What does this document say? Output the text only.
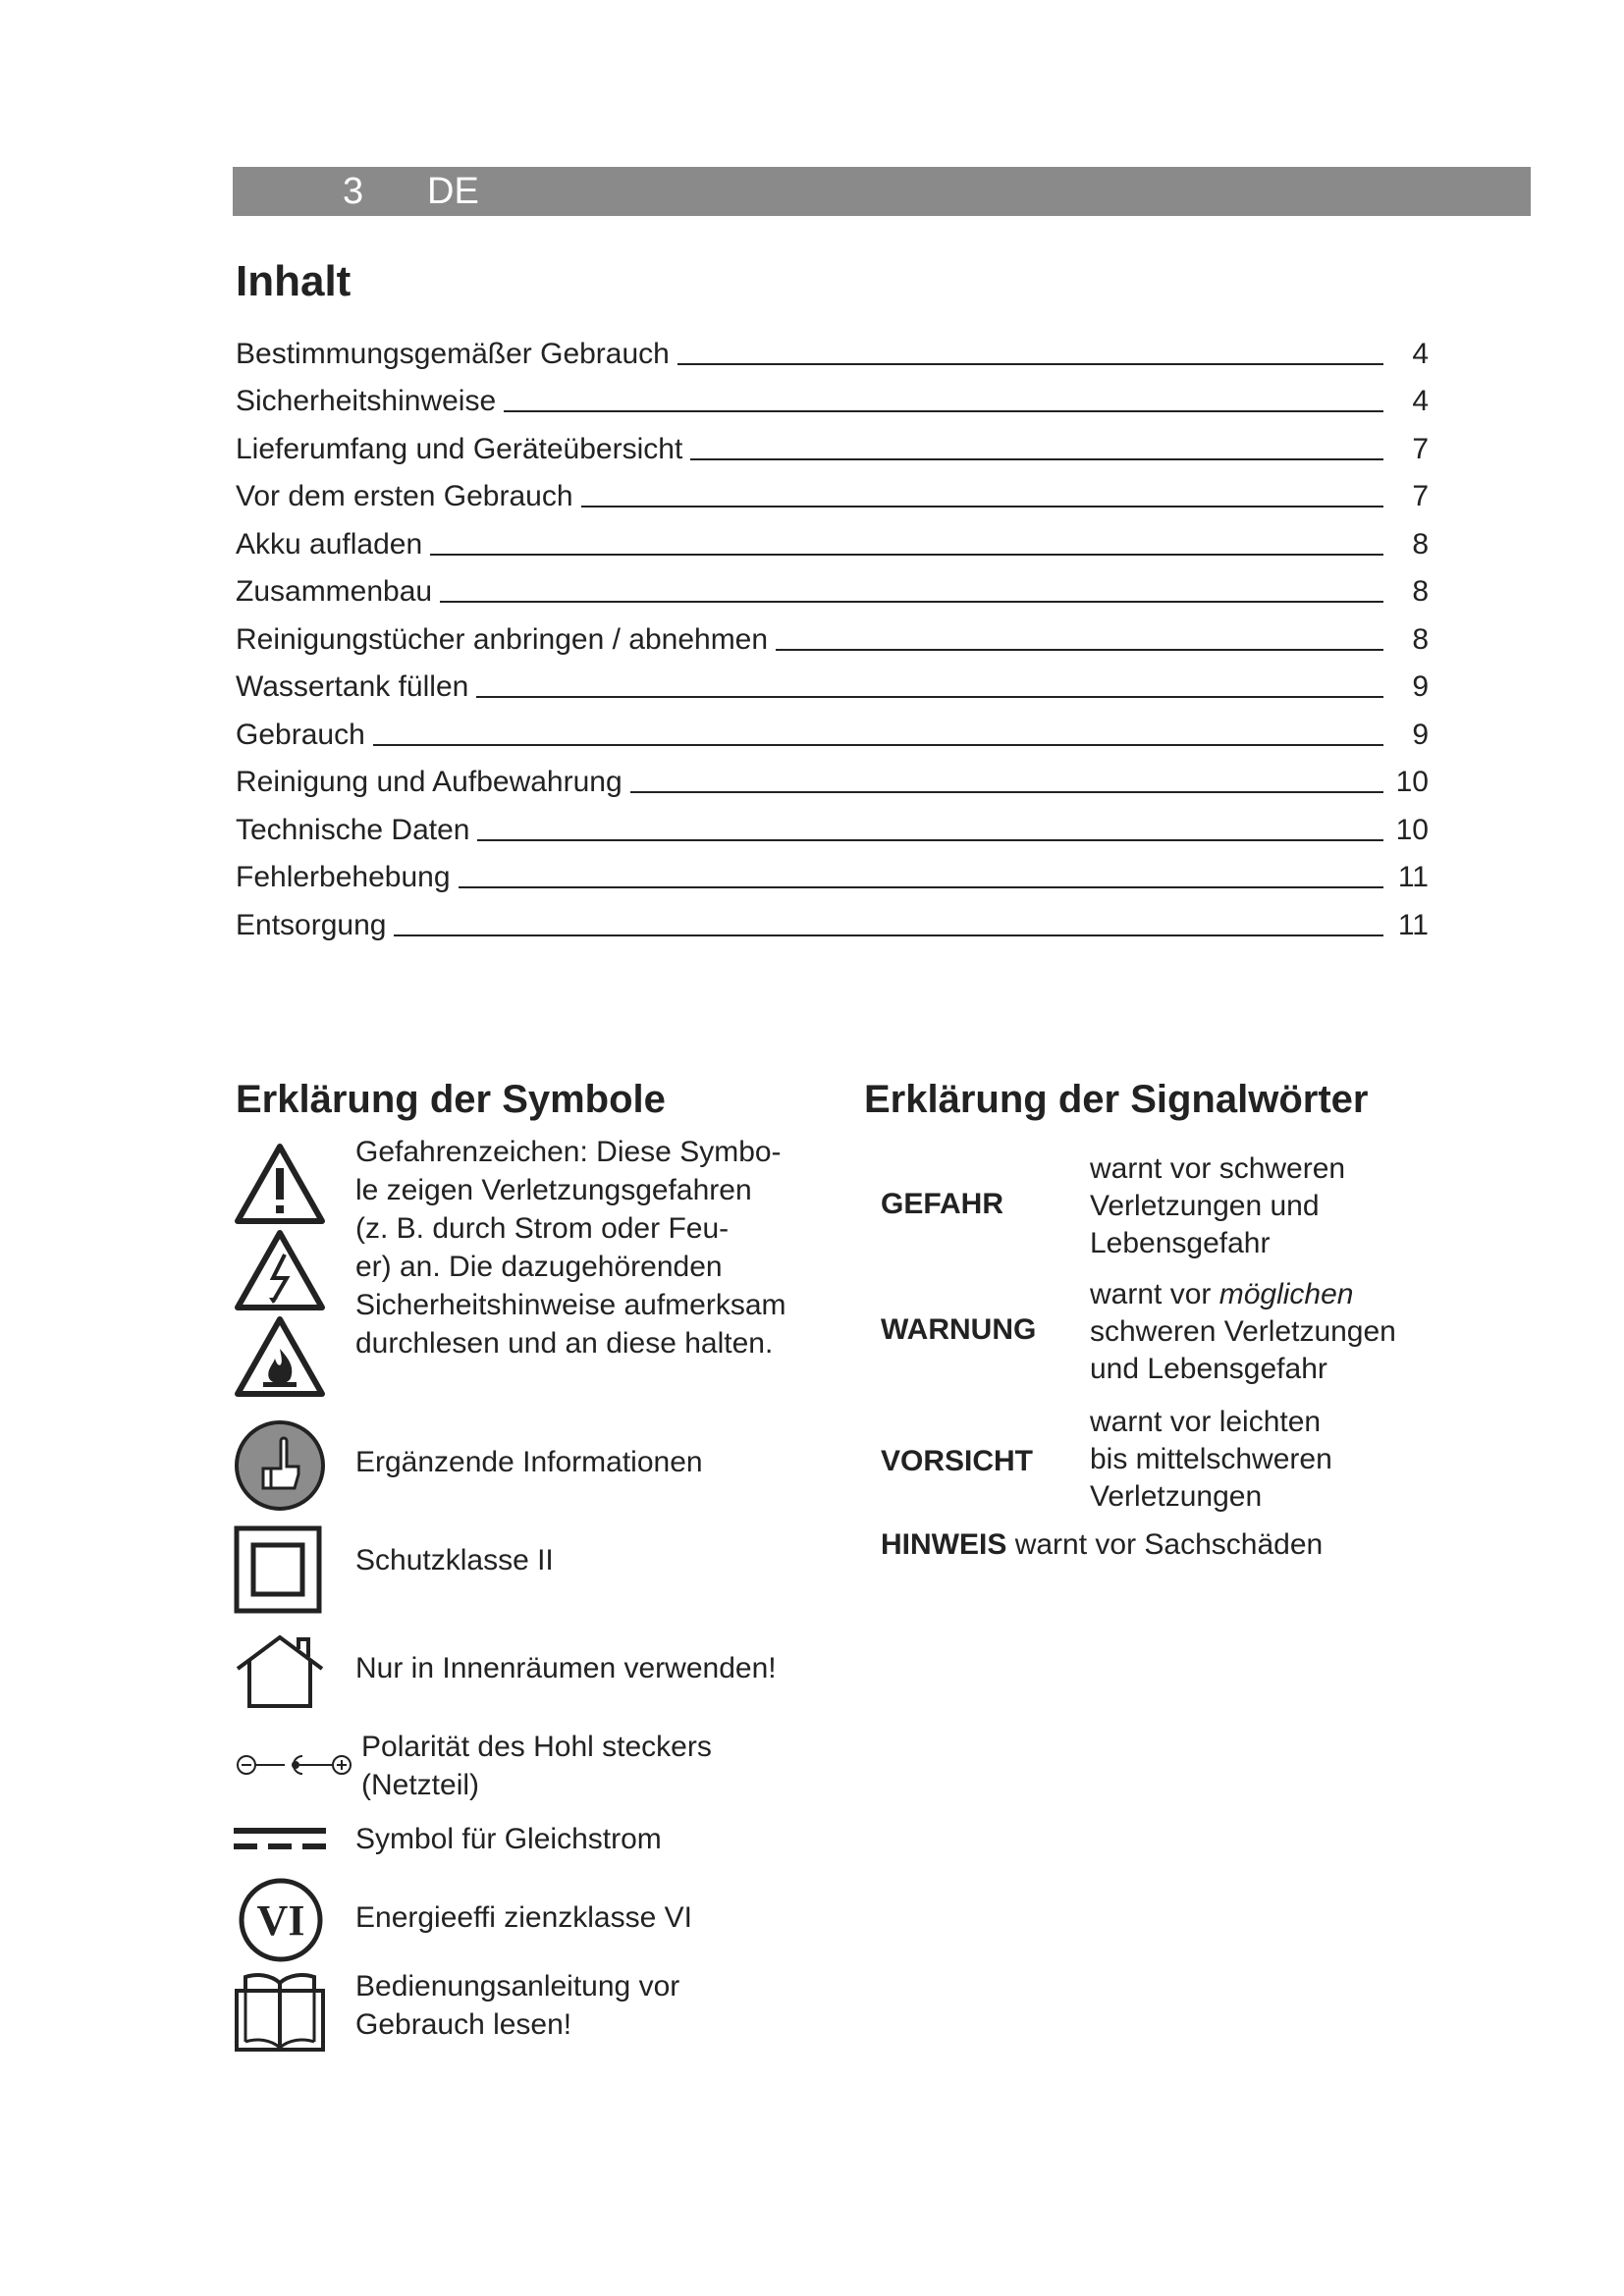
3 DE
Inhalt
Bestimmungsgemäßer Gebrauch	4
Sicherheitshinweise	4
Lieferumfang und Geräteübersicht	7
Vor dem ersten Gebrauch	7
Akku aufladen	8
Zusammenbau	8
Reinigungstücher anbringen / abnehmen	8
Wassertank füllen	9
Gebrauch	9
Reinigung und Aufbewahrung	10
Technische Daten	10
Fehlerbehebung	11
Entsorgung	11
Erklärung der Symbole
Gefahrenzeichen: Diese Symbo-
le zeigen Verletzungsgefahren
(z. B. durch Strom oder Feu-
er) an. Die dazugehörenden
Sicherheitshinweise aufmerksam
durchlesen und an diese halten.
Ergänzende Informationen
Schutzklasse II
Nur in Innenräumen verwenden!
Polarität des Hohl steckers
(Netzteil)
Symbol für Gleichstrom
VI Energieeffi zienzklasse VI
Bedienungsanleitung vor
Gebrauch lesen!
Erklärung der Signalwörter
GEFAHR
warnt vor schweren
Verletzungen und
Lebensgefahr
WARNUNG
warnt vor möglichen
schweren Verletzungen
und Lebensgefahr
VORSICHT
warnt vor leichten
bis mittelschweren
Verletzungen
HINWEIS warnt vor Sachschäden
